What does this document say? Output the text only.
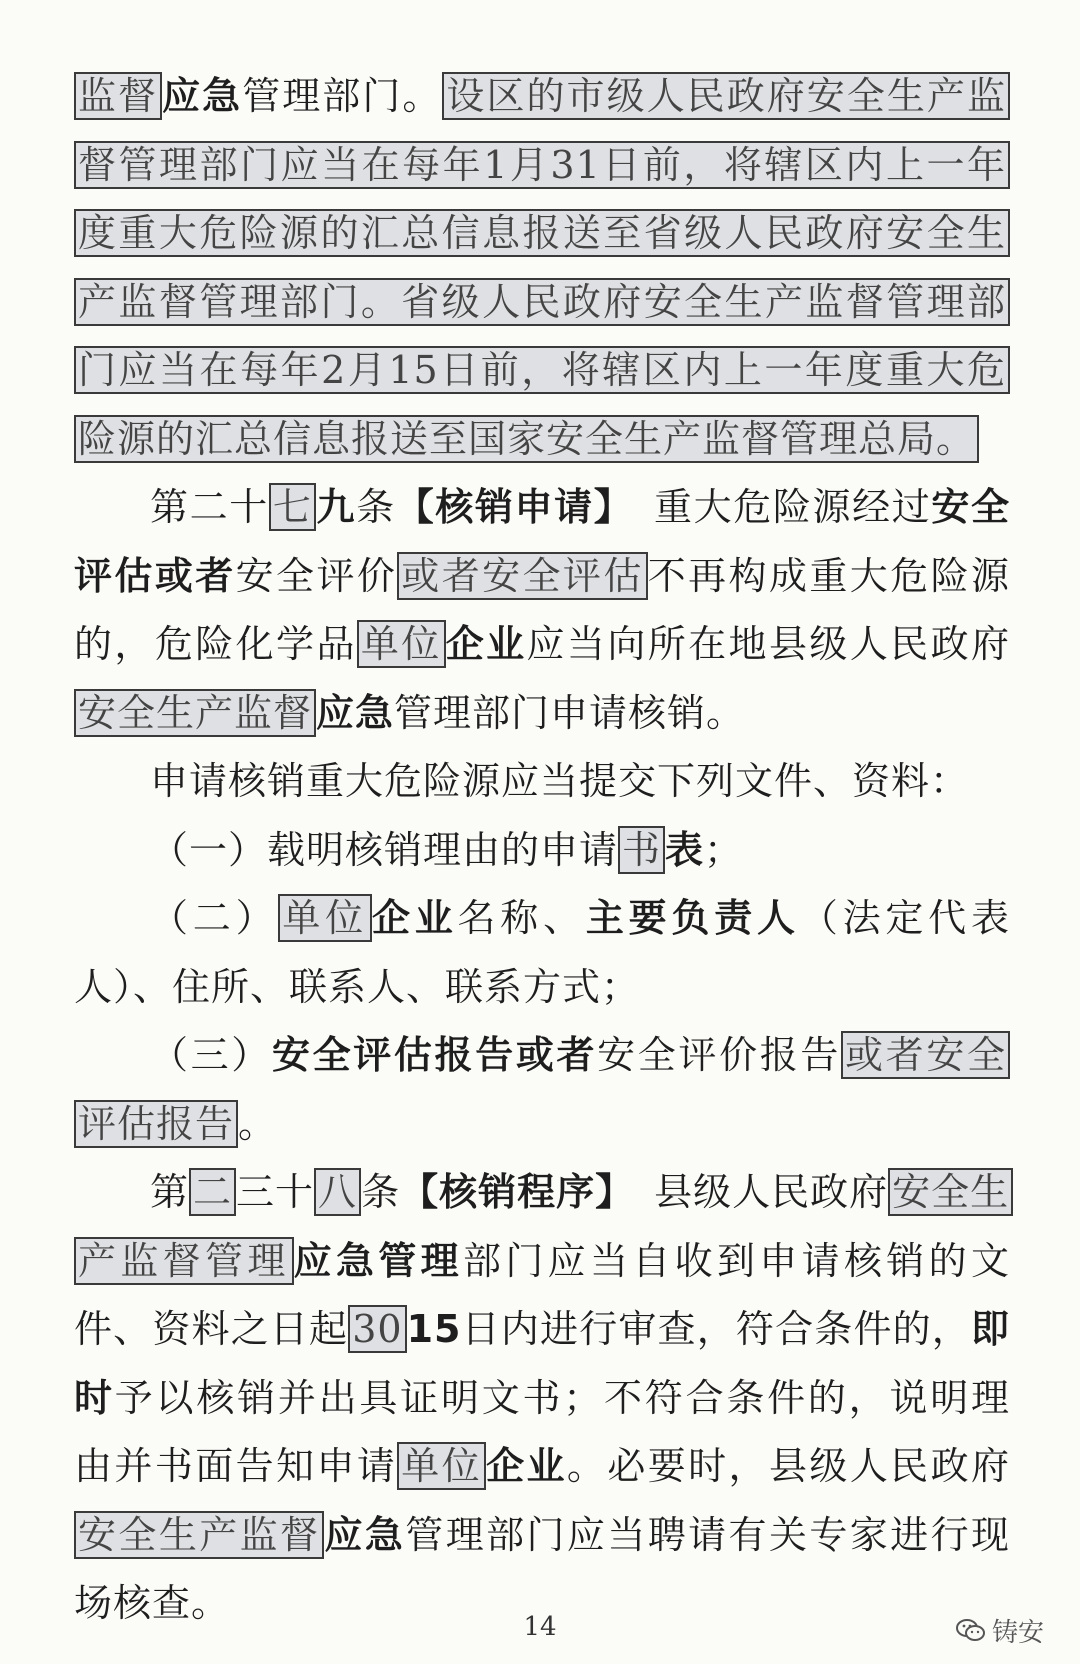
监督 应急管理部门。 设区的市级人民政府安全生产监督管理部门应当在每年1月31日前，将辖区内上一年度重大危险源的汇总信息报送至省级人民政府安全生产监督管理部门。省级人民政府安全生产监督管理部门应当在每年2月15日前，将辖区内上一年度重大危险源的汇总信息报送至国家安全生产监督管理总局。

第二十 七 九条【核销申请】　重大危险源经过安全评估或者安全评价 或者安全评估 不再构成重大危险源的，危险化学品 单位 企业应当向所在地县级人民政府安全生产监督 应急管理部门申请核销。

申请核销重大危险源应当提交下列文件、资料：

（一）载明核销理由的申请 书 表；

（二） 单位 企业名称、主要负责人（法定代表人）、住所、联系人、联系方式；

（三）安全评估报告或者安全评价报告 或者安全评估报告 。

第 二 三十 八 条【核销程序】　县级人民政府 安全生产监督管理 应急管理部门应当自收到申请核销的文件、资料之日起 30 15日内进行审查，符合条件的，即时予以核销并出具证明文书；不符合条件的，说明理由并书面告知申请 单位 企业。必要时，县级人民政府安全生产监督 应急管理部门应当聘请有关专家进行现场核查。

14	铸安
